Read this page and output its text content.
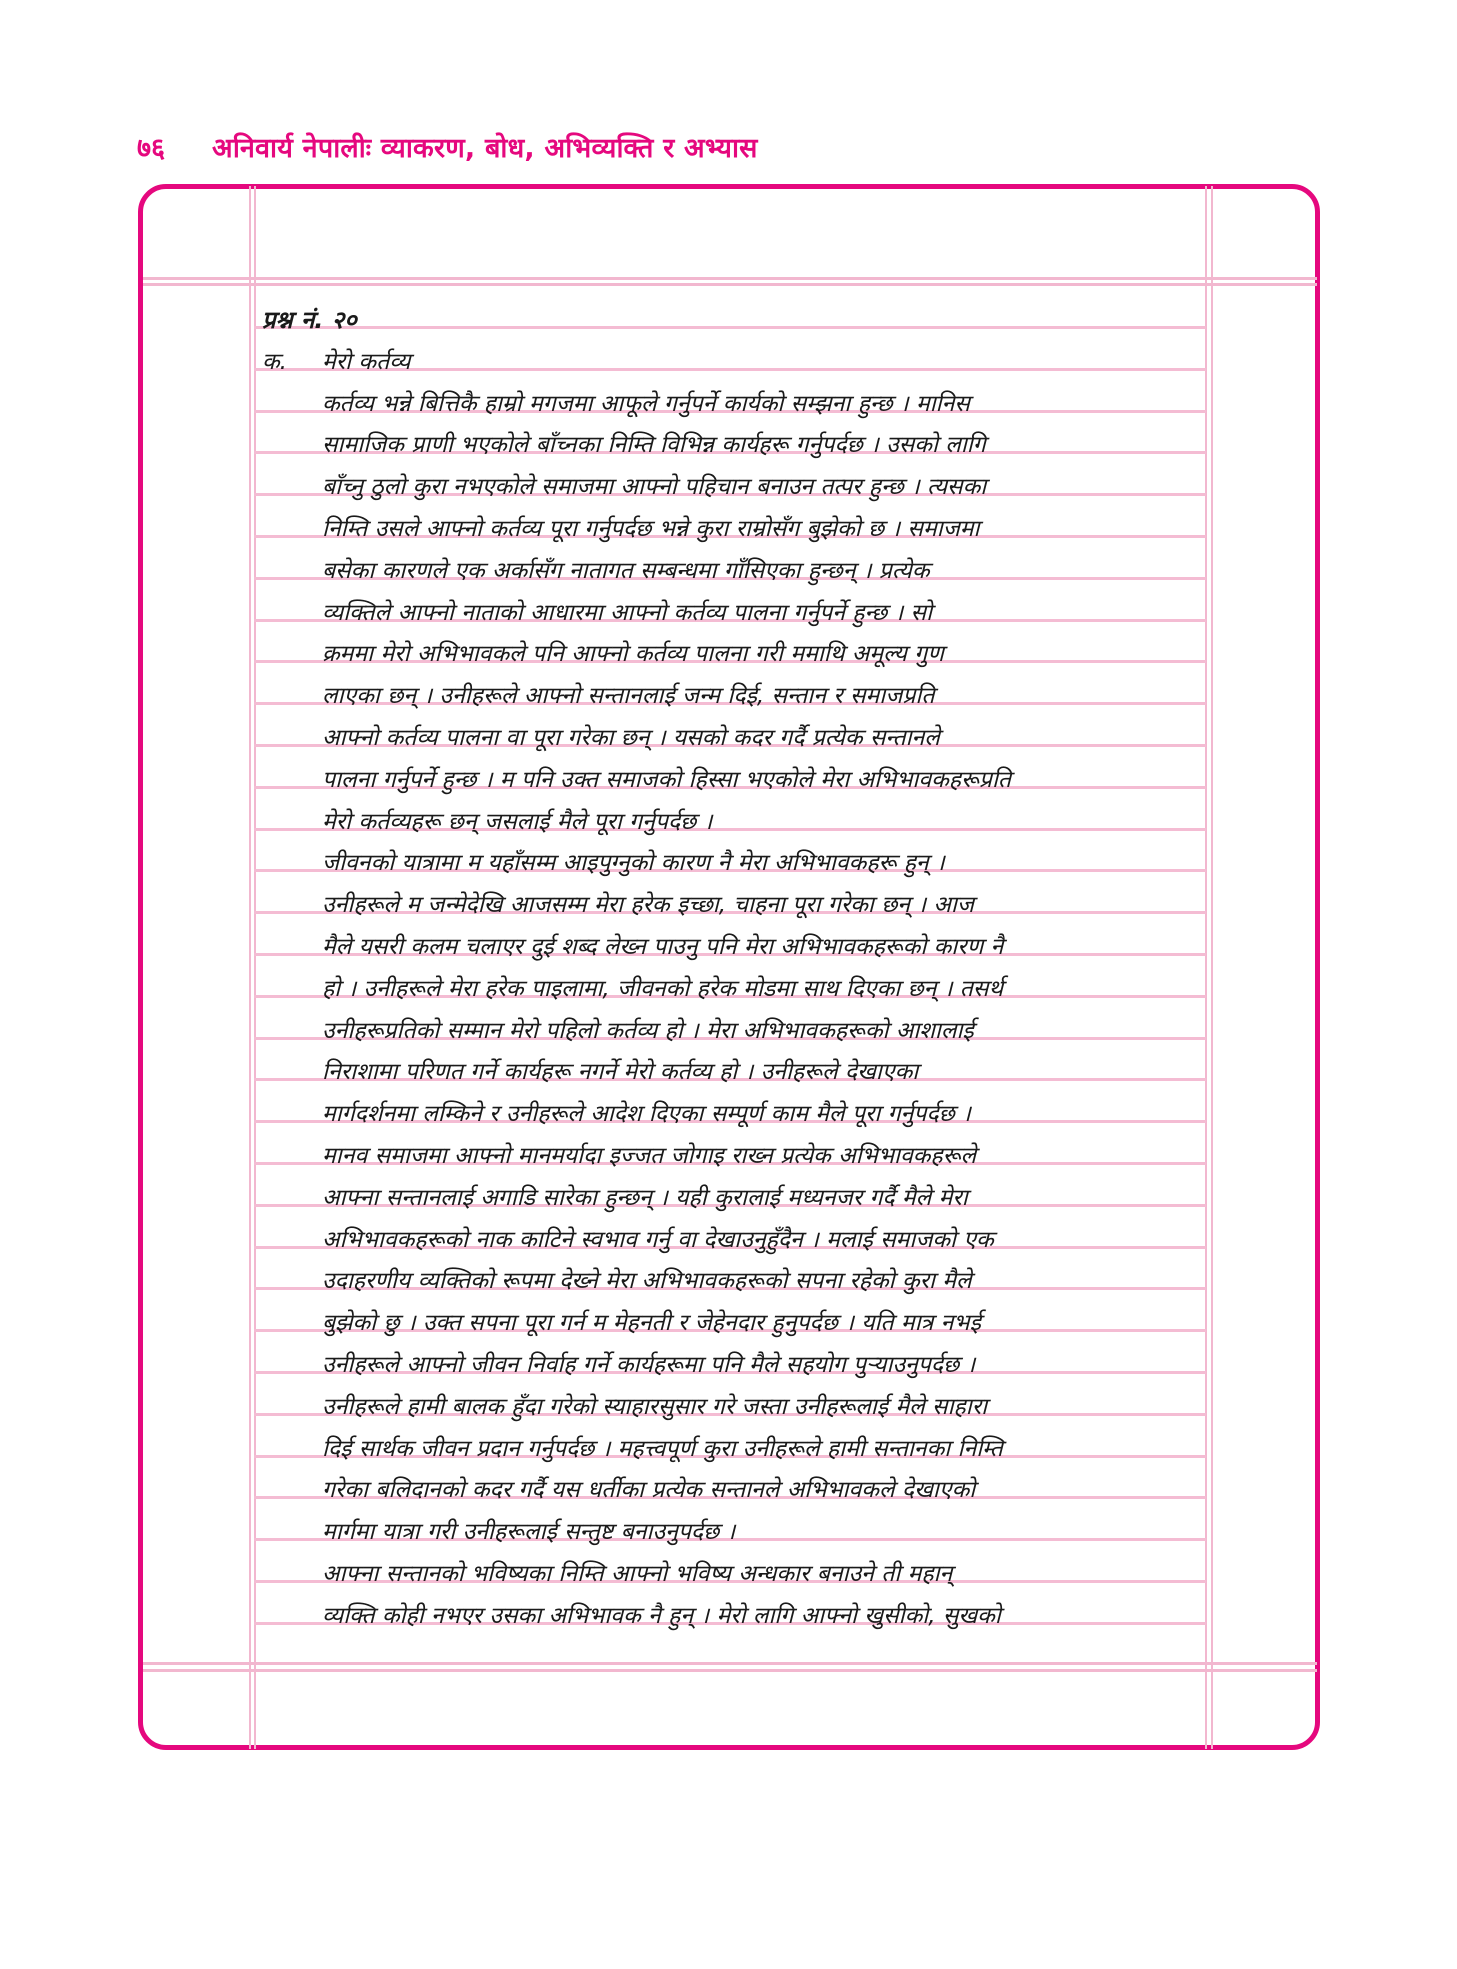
७६	अनिवार्य नेपालीः व्याकरण, बोध, अभिव्यक्ति र अभ्यास
प्रश्न नं. २०
क. मेरो कर्तव्य
कर्तव्य भन्ने बित्तिकै हाम्रो मगजमा आफूले गर्नुपर्ने कार्यको सम्झना हुन्छ । मानिस
सामाजिक प्राणी भएकोले बाँच्नका निम्ति विभिन्न कार्यहरू गर्नुपर्दछ । उसको लागि
बाँच्नु ठुलो कुरा नभएकोले समाजमा आफ्नो पहिचान बनाउन तत्पर हुन्छ । त्यसका
निम्ति उसले आफ्नो कर्तव्य पूरा गर्नुपर्दछ भन्ने कुरा राम्रोसँग बुझेको छ । समाजमा
बसेका कारणले एक अर्कासँग नातागत सम्बन्धमा गाँसिएका हुन्छन् । प्रत्येक
व्यक्तिले आफ्नो नाताको आधारमा आफ्नो कर्तव्य पालना गर्नुपर्ने हुन्छ । सो
क्रममा मेरो अभिभावकले पनि आफ्नो कर्तव्य पालना गरी ममाथि अमूल्य गुण
लाएका छन् । उनीहरूले आफ्नो सन्तानलाई जन्म दिई, सन्तान र समाजप्रति
आफ्नो कर्तव्य पालना वा पूरा गरेका छन् । यसको कदर गर्दै प्रत्येक सन्तानले
पालना गर्नुपर्ने हुन्छ । म पनि उक्त समाजको हिस्सा भएकोले मेरा अभिभावकहरूप्रति
मेरो कर्तव्यहरू छन् जसलाई मैले पूरा गर्नुपर्दछ ।
जीवनको यात्रामा म यहाँसम्म आइपुग्नुको कारण नै मेरा अभिभावकहरू हुन् ।
उनीहरूले म जन्मेदेखि आजसम्म मेरा हरेक इच्छा, चाहना पूरा गरेका छन् । आज
मैले यसरी कलम चलाएर दुई शब्द लेख्न पाउनु पनि मेरा अभिभावकहरूको कारण नै
हो । उनीहरूले मेरा हरेक पाइलामा, जीवनको हरेक मोडमा साथ दिएका छन् । तसर्थ
उनीहरूप्रतिको सम्मान मेरो पहिलो कर्तव्य हो । मेरा अभिभावकहरूको आशालाई
निराशामा परिणत गर्ने कार्यहरू नगर्ने मेरो कर्तव्य हो । उनीहरूले देखाएका
मार्गदर्शनमा लम्किने र उनीहरूले आदेश दिएका सम्पूर्ण काम मैले पूरा गर्नुपर्दछ ।
मानव समाजमा आफ्नो मानमर्यादा इज्जत जोगाइ राख्न प्रत्येक अभिभावकहरूले
आफ्ना सन्तानलाई अगाडि सारेका हुन्छन् । यही कुरालाई मध्यनजर गर्दै मैले मेरा
अभिभावकहरूको नाक काटिने स्वभाव गर्नु वा देखाउनुहुँदैन । मलाई समाजको एक
उदाहरणीय व्यक्तिको रूपमा देख्ने मेरा अभिभावकहरूको सपना रहेको कुरा मैले
बुझेको छु । उक्त सपना पूरा गर्न म मेहनती र जेहेनदार हुनुपर्दछ । यति मात्र नभई
उनीहरूले आफ्नो जीवन निर्वाह गर्ने कार्यहरूमा पनि मैले सहयोग पुऱ्याउनुपर्दछ ।
उनीहरूले हामी बालक हुँदा गरेको स्याहारसुसार गरे जस्ता उनीहरूलाई मैले साहारा
दिई सार्थक जीवन प्रदान गर्नुपर्दछ । महत्त्वपूर्ण कुरा उनीहरूले हामी सन्तानका निम्ति
गरेका बलिदानको कदर गर्दै यस धर्तीका प्रत्येक सन्तानले अभिभावकले देखाएको
मार्गमा यात्रा गरी उनीहरूलाई सन्तुष्ट बनाउनुपर्दछ ।
आफ्ना सन्तानको भविष्यका निम्ति आफ्नो भविष्य अन्धकार बनाउने ती महान्
व्यक्ति कोही नभएर उसका अभिभावक नै हुन् । मेरो लागि आफ्नो खुसीको, सुखको
